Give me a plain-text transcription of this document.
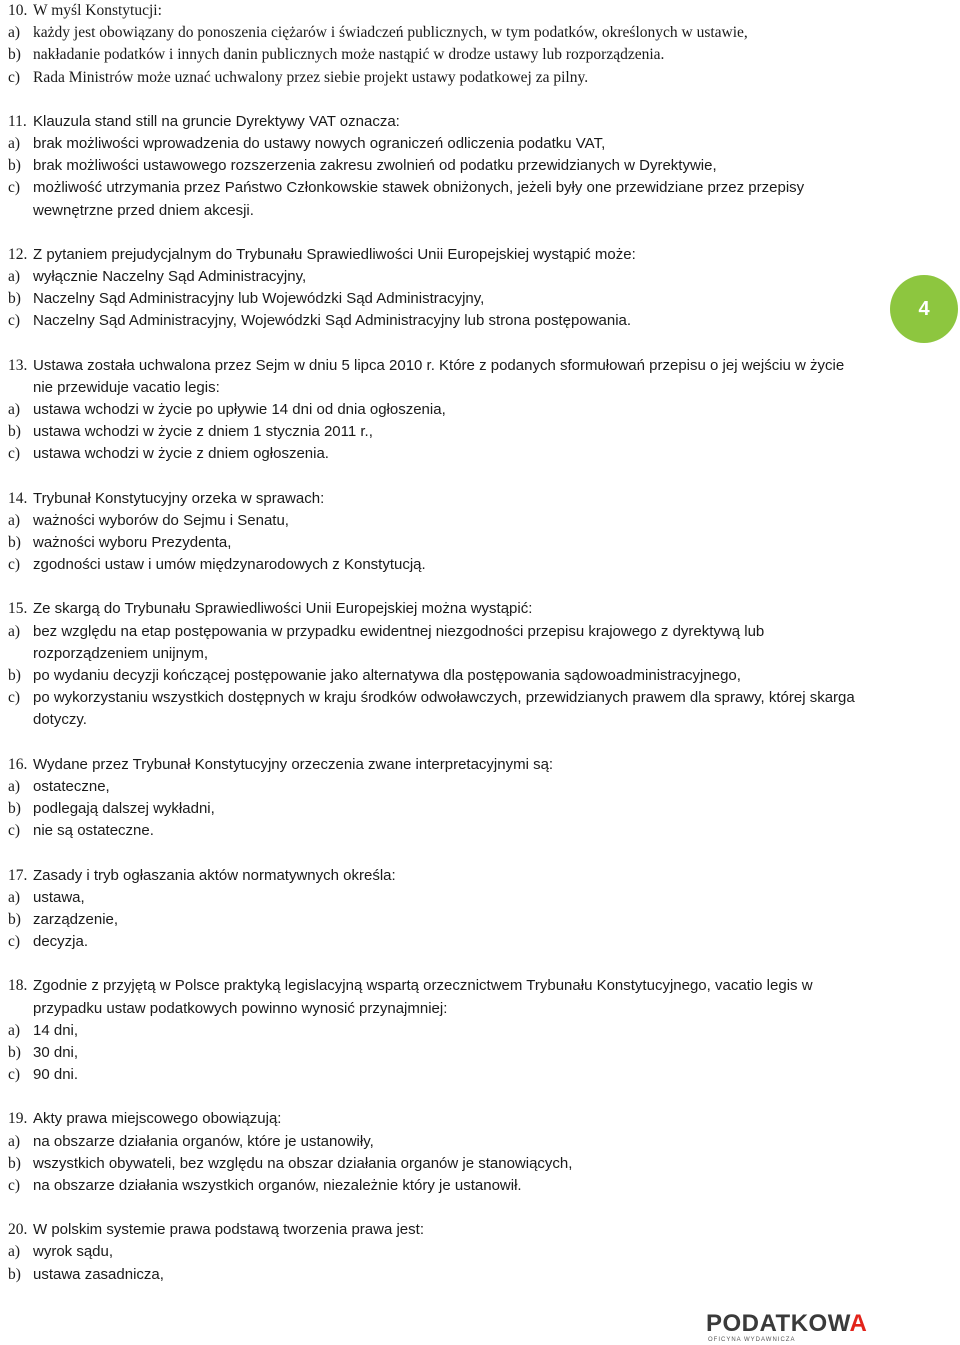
10. W myśl Konstytucji:
a) każdy jest obowiązany do ponoszenia ciężarów i świadczeń publicznych, w tym podatków, określonych w ustawie,
b) nakładanie podatków i innych danin publicznych może nastąpić w drodze ustawy lub rozporządzenia.
c) Rada Ministrów może uznać uchwalony przez siebie projekt ustawy podatkowej za pilny.
11. Klauzula stand still na gruncie Dyrektywy VAT oznacza:
a) brak możliwości wprowadzenia do ustawy nowych ograniczeń odliczenia podatku VAT,
b) brak możliwości ustawowego rozszerzenia zakresu zwolnień od podatku przewidzianych w Dyrektywie,
c) możliwość utrzymania przez Państwo Członkowskie stawek obniżonych, jeżeli były one przewidziane przez przepisy wewnętrzne przed dniem akcesji.
12. Z pytaniem prejudycjalnym do Trybunału Sprawiedliwości Unii Europejskiej wystąpić może:
a) wyłącznie Naczelny Sąd Administracyjny,
b) Naczelny Sąd Administracyjny lub Wojewódzki Sąd Administracyjny,
c) Naczelny Sąd Administracyjny, Wojewódzki Sąd Administracyjny lub strona postępowania.
13. Ustawa została uchwalona przez Sejm w dniu 5 lipca 2010 r. Które z podanych sformułowań przepisu o jej wejściu w życie nie przewiduje vacatio legis:
a) ustawa wchodzi w życie po upływie 14 dni od dnia ogłoszenia,
b) ustawa wchodzi w życie z dniem 1 stycznia 2011 r.,
c) ustawa wchodzi w życie z dniem ogłoszenia.
14. Trybunał Konstytucyjny orzeka w sprawach:
a) ważności wyborów do Sejmu i Senatu,
b) ważności wyboru Prezydenta,
c) zgodności ustaw i umów międzynarodowych z Konstytucją.
15. Ze skargą do Trybunału Sprawiedliwości Unii Europejskiej można wystąpić:
a) bez względu na etap postępowania w przypadku ewidentnej niezgodności przepisu krajowego z dyrektywą lub rozporządzeniem unijnym,
b) po wydaniu decyzji kończącej postępowanie jako alternatywa dla postępowania sądowoadministracyjnego,
c) po wykorzystaniu wszystkich dostępnych w kraju środków odwoławczych, przewidzianych prawem dla sprawy, której skarga dotyczy.
16. Wydane przez Trybunał Konstytucyjny orzeczenia zwane interpretacyjnymi są:
a) ostateczne,
b) podlegają dalszej wykładni,
c) nie są ostateczne.
17. Zasady i tryb ogłaszania aktów normatywnych określa:
a) ustawa,
b) zarządzenie,
c) decyzja.
18. Zgodnie z przyjętą w Polsce praktyką legislacyjną wspartą orzecznictwem Trybunału Konstytucyjnego, vacatio legis w przypadku ustaw podatkowych powinno wynosić przynajmniej:
a) 14 dni,
b) 30 dni,
c) 90 dni.
19. Akty prawa miejscowego obowiązują:
a) na obszarze działania organów, które je ustanowiły,
b) wszystkich obywateli, bez względu na obszar działania organów je stanowiących,
c) na obszarze działania wszystkich organów, niezależnie który je ustanowił.
20. W polskim systemie prawa podstawą tworzenia prawa jest:
a) wyrok sądu,
b) ustawa zasadnicza,
4
PODATKOWA
OFICYNA WYDAWNICZA
